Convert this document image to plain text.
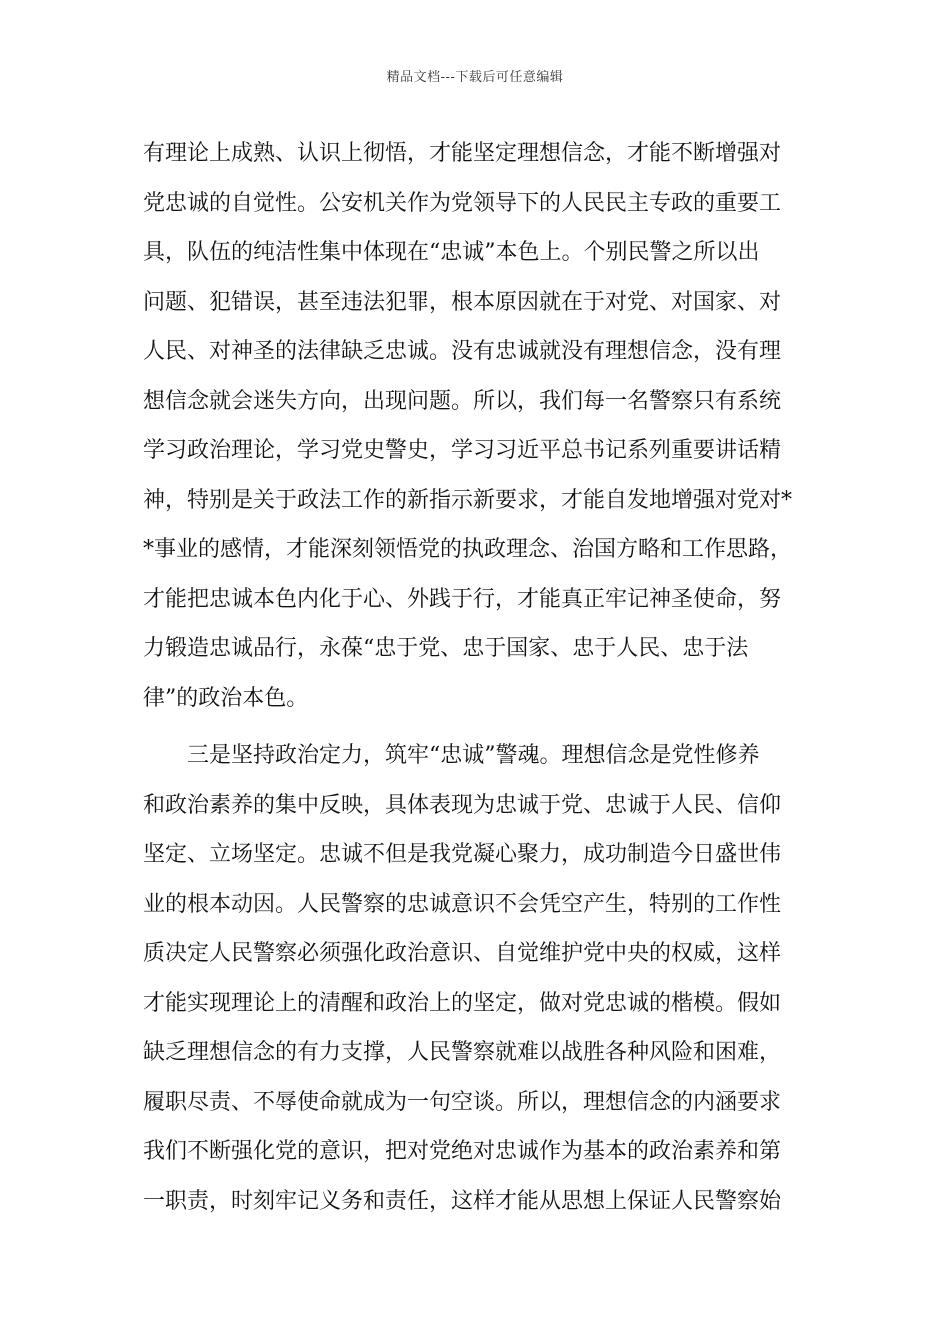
精品文档---下载后可任意编辑
有理论上成熟、认识上彻悟，才能坚定理想信念，才能不断增强对
党忠诚的自觉性。公安机关作为党领导下的人民民主专政的重要工
具，队伍的纯洁性集中体现在“忠诚”本色上。个别民警之所以出
问题、犯错误，甚至违法犯罪，根本原因就在于对党、对国家、对
人民、对神圣的法律缺乏忠诚。没有忠诚就没有理想信念，没有理
想信念就会迷失方向，出现问题。所以，我们每一名警察只有系统
学习政治理论，学习党史警史，学习习近平总书记系列重要讲话精
神，特别是关于政法工作的新指示新要求，才能自发地增强对党对*
*事业的感情，才能深刻领悟党的执政理念、治国方略和工作思路，
才能把忠诚本色内化于心、外践于行，才能真正牢记神圣使命，努
力锻造忠诚品行，永葆“忠于党、忠于国家、忠于人民、忠于法
律”的政治本色。
三是坚持政治定力，筑牢“忠诚”警魂。理想信念是党性修养
和政治素养的集中反映，具体表现为忠诚于党、忠诚于人民、信仰
坚定、立场坚定。忠诚不但是我党凝心聚力，成功制造今日盛世伟
业的根本动因。人民警察的忠诚意识不会凭空产生，特别的工作性
质决定人民警察必须强化政治意识、自觉维护党中央的权威，这样
才能实现理论上的清醒和政治上的坚定，做对党忠诚的楷模。假如
缺乏理想信念的有力支撑，人民警察就难以战胜各种风险和困难，
履职尽责、不辱使命就成为一句空谈。所以，理想信念的内涵要求
我们不断强化党的意识，把对党绝对忠诚作为基本的政治素养和第
一职责，时刻牢记义务和责任，这样才能从思想上保证人民警察始
